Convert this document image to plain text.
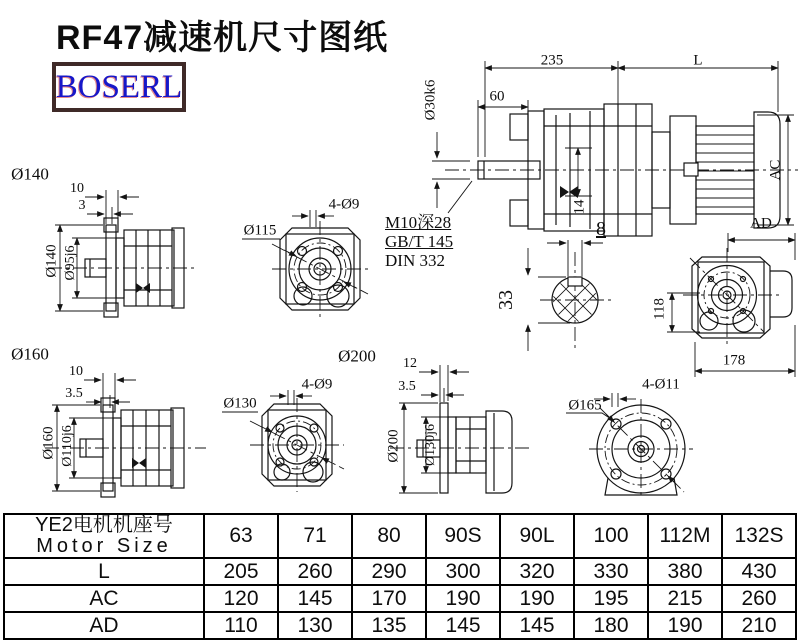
RF47减速机尺寸图纸
BOSERL
235	L
60
Ø30k6
14
AC
M10深28
GB/T 145
DIN 332
8
33
AD
118
178
Ø140
10
3
Ø140 Ø95j6
4-Ø9
Ø115
Ø160
10
3.5
Ø160 Ø110j6
4-Ø9
Ø130
Ø200 12
3.5
Ø200 Ø130j6
4-Ø11
Ø165
YE2电机机座号
Motor Size	63	71	80	90S	90L	100	112M	132S
L	205	260	290	300	320	330	380	430
AC	120	145	170	190	190	195	215	260
AD	110	130	135	145	145	180	190	210
